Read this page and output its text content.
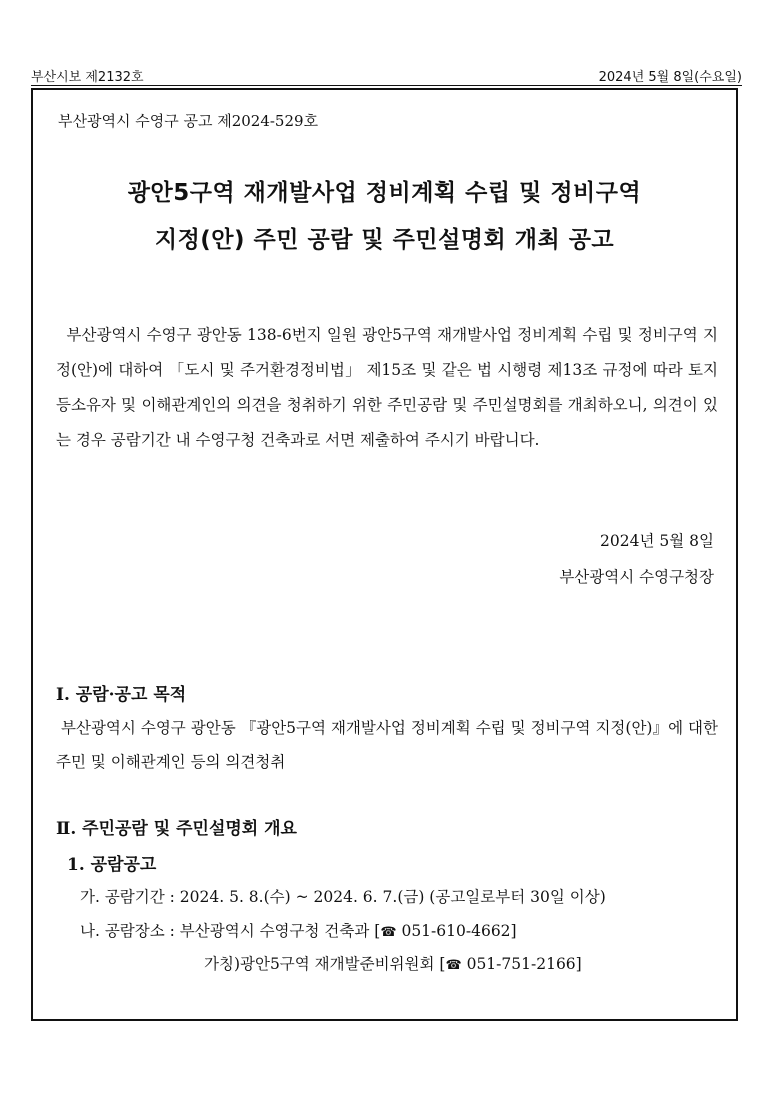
부산시보 제2132호	2024년 5월 8일(수요일)

부산광역시 수영구 공고 제2024-529호
광안5구역 재개발사업 정비계획 수립 및 정비구역
지정(안) 주민 공람 및 주민설명회 개최 공고
부산광역시 수영구 광안동 138-6번지 일원 광안5구역 재개발사업 정비계획 수립 및 정비구역 지정(안)에 대하여 「도시 및 주거환경정비법」 제15조 및 같은 법 시행령 제13조 규정에 따라 토지등소유자 및 이해관계인의 의견을 청취하기 위한 주민공람 및 주민설명회를 개최하오니, 의견이 있는 경우 공람기간 내 수영구청 건축과로 서면 제출하여 주시기 바랍니다.
2024년 5월 8일
부산광역시 수영구청장
Ⅰ. 공람·공고 목적
부산광역시 수영구 광안동 『광안5구역 재개발사업 정비계획 수립 및 정비구역 지정(안)』에 대한 주민 및 이해관계인 등의 의견청취
Ⅱ. 주민공람 및 주민설명회 개요
1. 공람공고
가. 공람기간 : 2024. 5. 8.(수) ~ 2024. 6. 7.(금) (공고일로부터 30일 이상)
나. 공람장소 : 부산광역시 수영구청 건축과 [☎ 051-610-4662]
가칭)광안5구역 재개발준비위원회 [☎ 051-751-2166]
